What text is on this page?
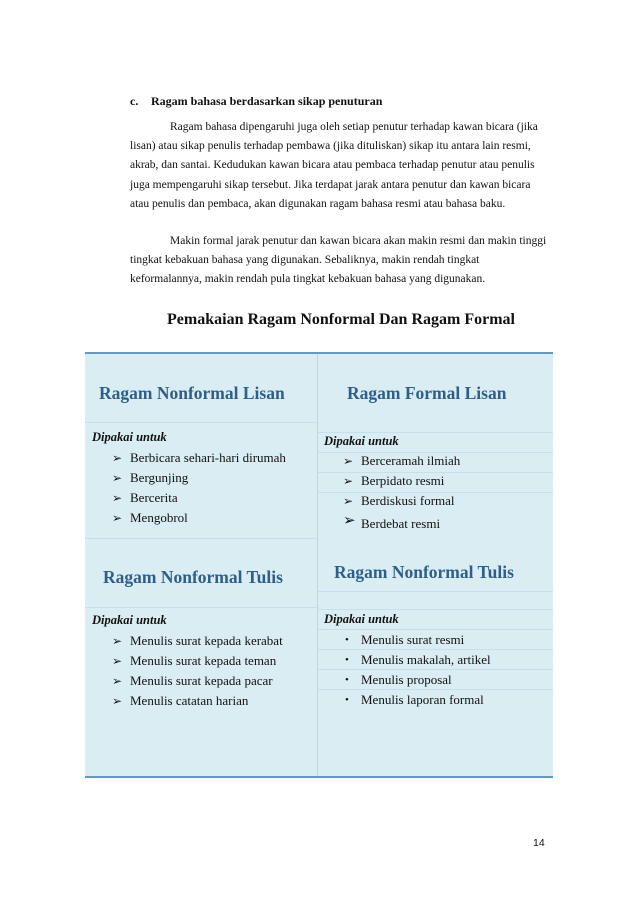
c. Ragam bahasa berdasarkan sikap penuturan

Ragam bahasa dipengaruhi juga oleh setiap penutur terhadap kawan bicara (jika lisan) atau sikap penulis terhadap pembawa (jika dituliskan) sikap itu antara lain resmi, akrab, dan santai. Kedudukan kawan bicara atau pembaca terhadap penutur atau penulis juga mempengaruhi sikap tersebut. Jika terdapat jarak antara penutur dan kawan bicara atau penulis dan pembaca, akan digunakan ragam bahasa resmi atau bahasa baku.

Makin formal jarak penutur dan kawan bicara akan makin resmi dan makin tinggi tingkat kebakuan bahasa yang digunakan. Sebaliknya, makin rendah tingkat keformalannya, makin rendah pula tingkat kebakuan bahasa yang digunakan.

Pemakaian Ragam Nonformal Dan Ragam Formal
Ragam Nonformal Lisan
Dipakai untuk
➢ Berbicara sehari-hari dirumah
➢ Bergunjing
➢ Bercerita
➢ Mengobrol
Ragam Formal Lisan
Dipakai untuk
➢ Berceramah ilmiah
➢ Berpidato resmi
➢ Berdiskusi formal
➢ Berdebat resmi
Ragam Nonformal Tulis
Dipakai untuk
➢ Menulis surat kepada kerabat
➢ Menulis surat kepada teman
➢ Menulis surat kepada pacar
➢ Menulis catatan harian
Ragam Nonformal Tulis
Dipakai untuk
• Menulis surat resmi
• Menulis makalah, artikel
• Menulis proposal
• Menulis laporan formal
14
